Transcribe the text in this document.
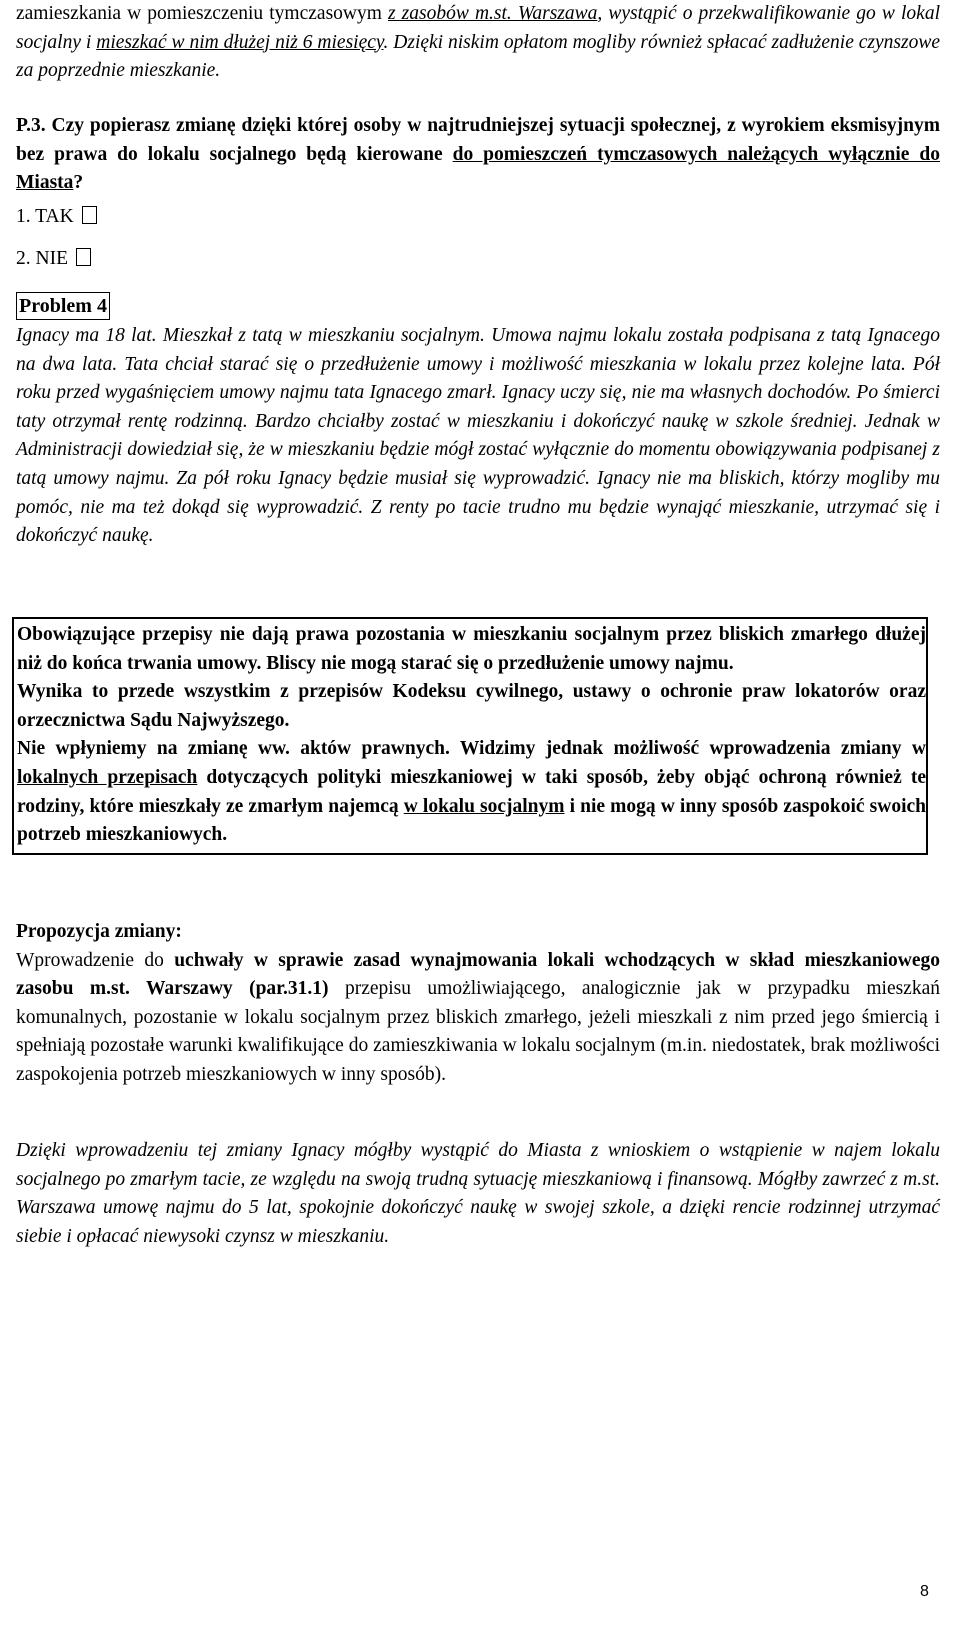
zamieszkania w pomieszczeniu tymczasowym z zasobów m.st. Warszawa, wystąpić o przekwalifikowanie go w lokal socjalny i mieszkać w nim dłużej niż 6 miesięcy. Dzięki niskim opłatom mogliby również spłacać zadłużenie czynszowe za poprzednie mieszkanie.

P.3. Czy popierasz zmianę dzięki której osoby w najtrudniejszej sytuacji społecznej, z wyrokiem eksmisyjnym bez prawa do lokalu socjalnego będą kierowane do pomieszczeń tymczasowych należących wyłącznie do Miasta?

1. TAK
2. NIE
Problem 4

Ignacy ma 18 lat. Mieszkał z tatą w mieszkaniu socjalnym. Umowa najmu lokalu została podpisana z tatą Ignacego na dwa lata. Tata chciał starać się o przedłużenie umowy i możliwość mieszkania w lokalu przez kolejne lata. Pół roku przed wygaśnięciem umowy najmu tata Ignacego zmarł. Ignacy uczy się, nie ma własnych dochodów. Po śmierci taty otrzymał rentę rodzinną. Bardzo chciałby zostać w mieszkaniu i dokończyć naukę w szkole średniej. Jednak w Administracji dowiedział się, że w mieszkaniu będzie mógł zostać wyłącznie do momentu obowiązywania podpisanej z tatą umowy najmu. Za pół roku Ignacy będzie musiał się wyprowadzić. Ignacy nie ma bliskich, którzy mogliby mu pomóc, nie ma też dokąd się wyprowadzić. Z renty po tacie trudno mu będzie wynająć mieszkanie, utrzymać się i dokończyć naukę.

Obowiązujące przepisy nie dają prawa pozostania w mieszkaniu socjalnym przez bliskich zmarłego dłużej niż do końca trwania umowy. Bliscy nie mogą starać się o przedłużenie umowy najmu.

Wynika to przede wszystkim z przepisów Kodeksu cywilnego, ustawy o ochronie praw lokatorów oraz orzecznictwa Sądu Najwyższego.

Nie wpłyniemy na zmianę ww. aktów prawnych. Widzimy jednak możliwość wprowadzenia zmiany w lokalnych przepisach dotyczących polityki mieszkaniowej w taki sposób, żeby objąć ochroną również te rodziny, które mieszkały ze zmarłym najemcą w lokalu socjalnym i nie mogą w inny sposób zaspokoić swoich potrzeb mieszkaniowych.

Propozycja zmiany:

Wprowadzenie do uchwały w sprawie zasad wynajmowania lokali wchodzących w skład mieszkaniowego zasobu m.st. Warszawy (par.31.1) przepisu umożliwiającego, analogicznie jak w przypadku mieszkań komunalnych, pozostanie w lokalu socjalnym przez bliskich zmarłego, jeżeli mieszkali z nim przed jego śmiercią i spełniają pozostałe warunki kwalifikujące do zamieszkiwania w lokalu socjalnym (m.in. niedostatek, brak możliwości zaspokojenia potrzeb mieszkaniowych w inny sposób).

Dzięki wprowadzeniu tej zmiany Ignacy mógłby wystąpić do Miasta z wnioskiem o wstąpienie w najem lokalu socjalnego po zmarłym tacie, ze względu na swoją trudną sytuację mieszkaniową i finansową. Mógłby zawrzeć z m.st. Warszawa umowę najmu do 5 lat, spokojnie dokończyć naukę w swojej szkole, a dzięki rencie rodzinnej utrzymać siebie i opłacać niewysoki czynsz w mieszkaniu.

8
